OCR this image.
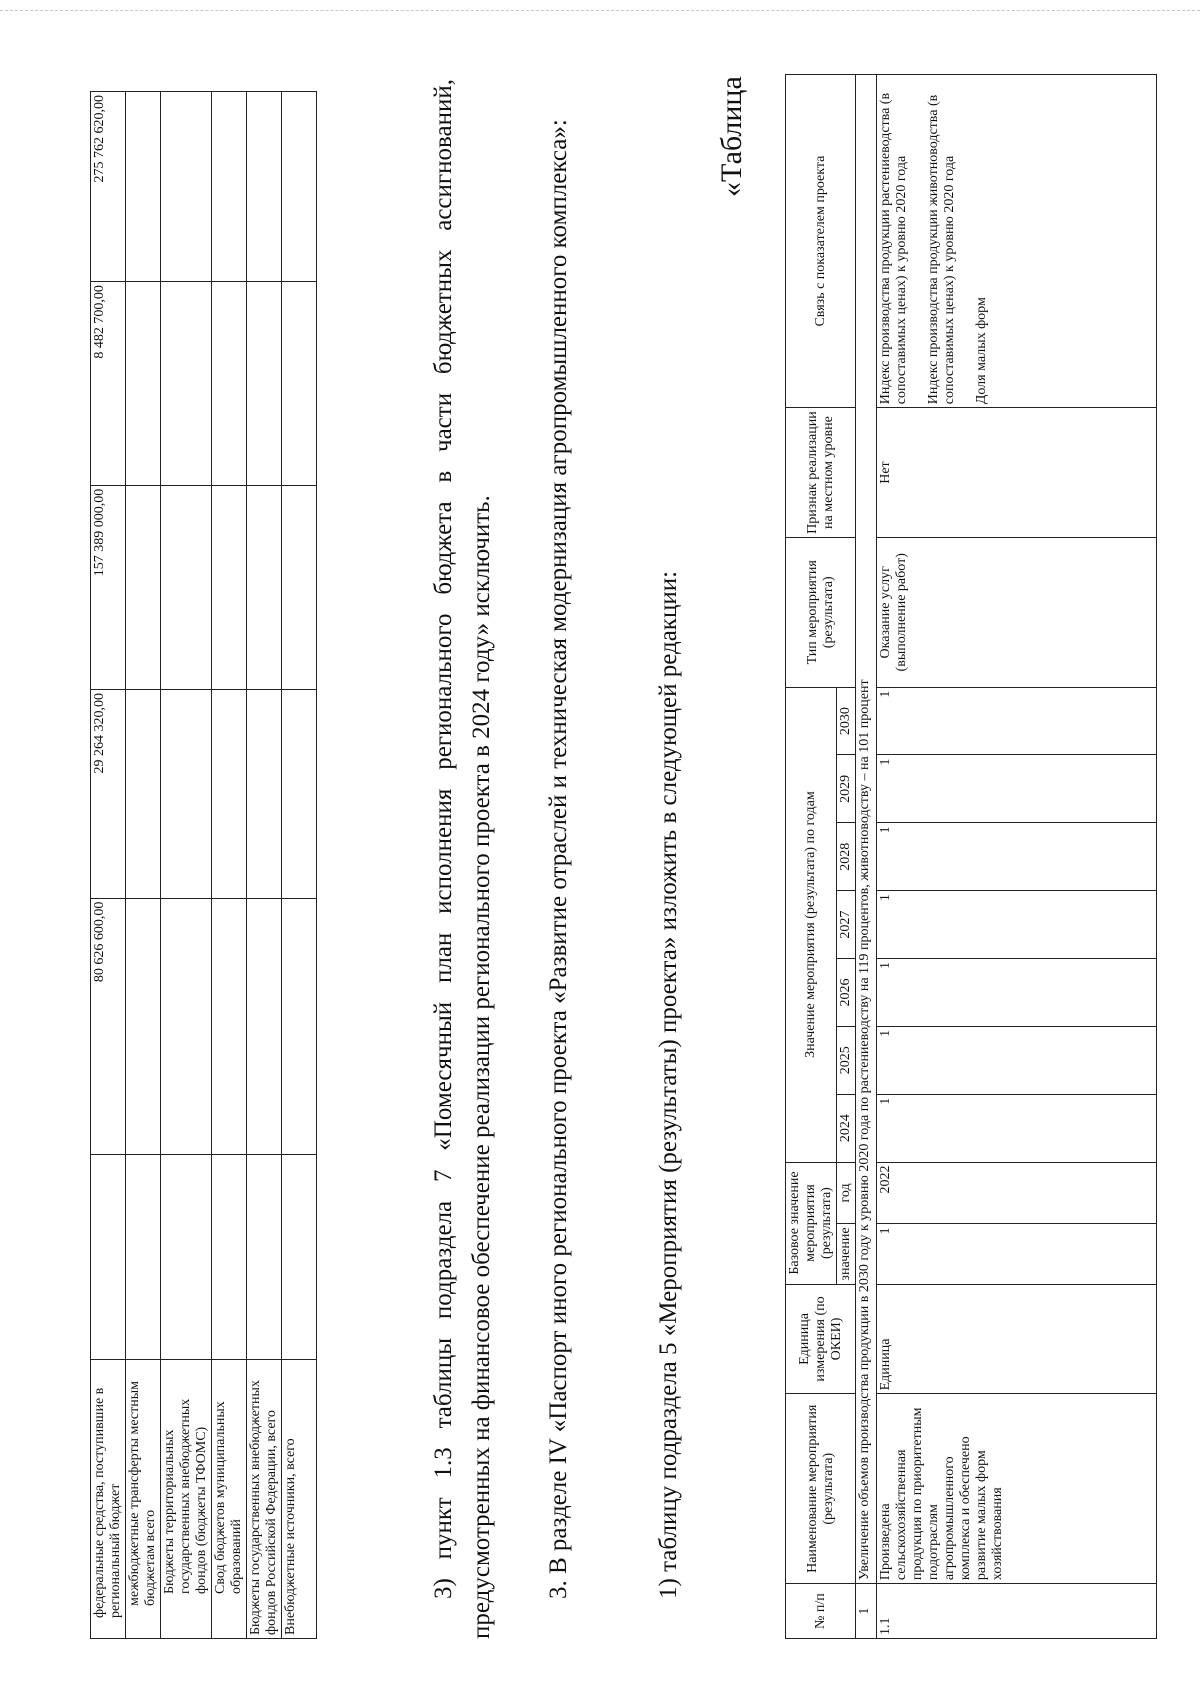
федеральные средства, поступившие в региональный бюджет		80 626 600,00	29 264 320,00	157 389 000,00	8 482 700,00	275 762 620,00
межбюджетные трансферты местным бюджетам всего						
Бюджеты территориальных государственных внебюджетных фондов (бюджеты ТФОМС)						
Свод бюджетов муниципальных образований						
Бюджеты государственных внебюджетных фондов Российской Федерации, всего						
Внебюджетные источники, всего							3) пункт 1.3 таблицы подраздела 7 «Помесячный план исполнения регионального бюджета в части бюджетных ассигнований, предусмотренных на финансовое обеспечение реализации регионального проекта в 2024 году» исключить. 3. В разделе IV «Паспорт иного регионального проекта «Развитие отраслей и техническая модернизация агропромышленного комплекса»:	1) таблицу подраздела 5 «Мероприятия (результаты) проекта» изложить в следующей редакции:

«Таблица
№ п/п	Наименование мероприятия (результата)	Единица измерения (по ОКЕИ)	Базовое значение мероприятия (результата)		Значение мероприятия (результата) по годам							Тип мероприятия (результата)	Признак реализации на местном уровне	Связь с показателем проекта
			значение	год										
					2024	2025	2026	2027	2028	2029	2030			
1	Увеличение объемов производства продукции в 2030 году к уровню 2020 года по растениеводству на 119 процентов, животноводству – на 101 процент													
1.1	Произведена сельскохозяйственная продукция по приоритетным подотраслям агропромышленного комплекса и обеспечено развитие малых форм хозяйствования	Единица	1	2022	1	1	1	1	1	1	1	Оказание услуг (выполнение работ)	Нет	Индекс производства продукции растениеводства (в сопоставимых ценах) к уровню 2020 года Индекс производства продукции животноводства (в сопоставимых ценах) к уровню 2020 года Доля малых форм
